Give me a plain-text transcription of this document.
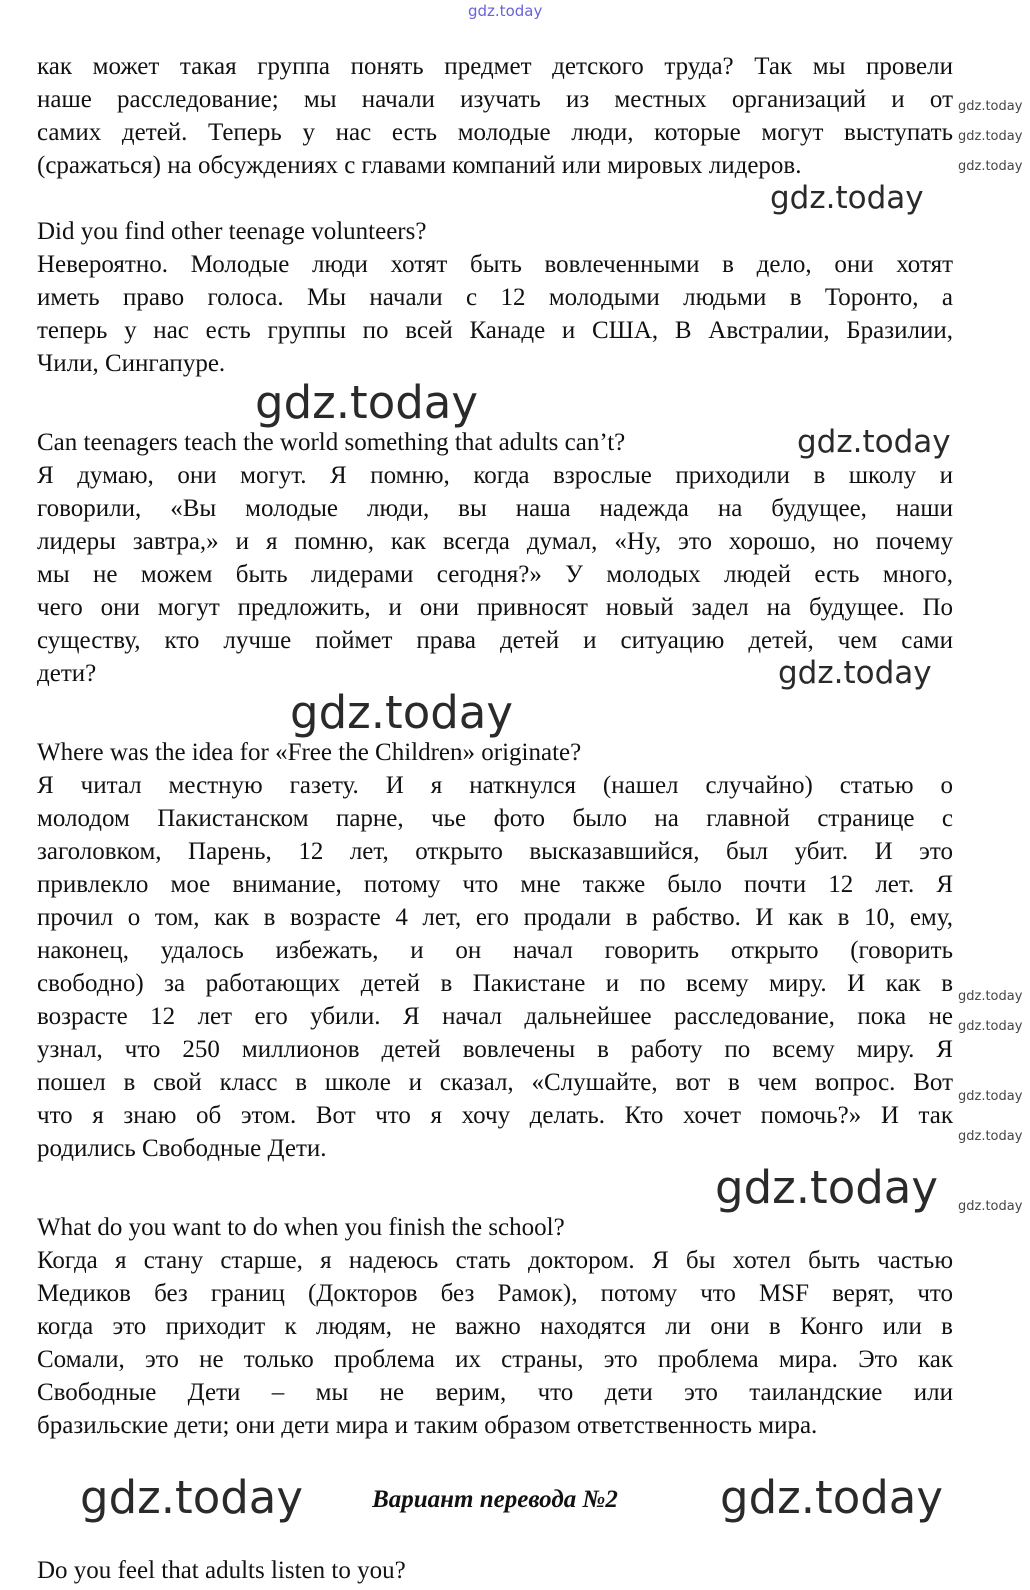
gdz.today
как может такая группа понять предмет детского труда? Так мы провели
наше расследование; мы начали изучать из местных организаций и от
самих детей. Теперь у нас есть молодые люди, которые могут выступать
(сражаться) на обсуждениях с главами компаний или мировых лидеров.
gdz.today
Did you find other teenage volunteers?
Невероятно. Молодые люди хотят быть вовлеченными в дело, они хотят
иметь право голоса. Мы начали с 12 молодыми людьми в Торонто, а
теперь у нас есть группы по всей Канаде и США, В Австралии, Бразилии,
Чили, Сингапуре.
gdz.today
Can teenagers teach the world something that adults can’t?	gdz.today
Я думаю, они могут. Я помню, когда взрослые приходили в школу и
говорили, «Вы молодые люди, вы наша надежда на будущее, наши
лидеры завтра,» и я помню, как всегда думал, «Ну, это хорошо, но почему
мы не можем быть лидерами сегодня?» У молодых людей есть много,
чего они могут предложить, и они привносят новый задел на будущее. По
существу, кто лучше поймет права детей и ситуацию детей, чем сами
дети?	gdz.today
gdz.today
Where was the idea for «Free the Children» originate?
Я читал местную газету. И я наткнулся (нашел случайно) статью о
молодом Пакистанском парне, чье фото было на главной странице с
заголовком, Парень, 12 лет, открыто высказавшийся, был убит. И это
привлекло мое внимание, потому что мне также было почти 12 лет. Я
прочил о том, как в возрасте 4 лет, его продали в рабство. И как в 10, ему,
наконец, удалось избежать, и он начал говорить открыто (говорить
свободно) за работающих детей в Пакистане и по всему миру. И как в
возрасте 12 лет его убили. Я начал дальнейшее расследование, пока не
узнал, что 250 миллионов детей вовлечены в работу по всему миру. Я
пошел в свой класс в школе и сказал, «Слушайте, вот в чем вопрос. Вот
что я знаю об этом. Вот что я хочу делать. Кто хочет помочь?» И так
родились Свободные Дети.
gdz.today
What do you want to do when you finish the school?
Когда я стану старше, я надеюсь стать доктором. Я бы хотел быть частью
Медиков без границ (Докторов без Рамок), потому что MSF верят, что
когда это приходит к людям, не важно находятся ли они в Конго или в
Сомали, это не только проблема их страны, это проблема мира. Это как
Свободные Дети – мы не верим, что дети это таиландские или
бразильские дети; они дети мира и таким образом ответственность мира.
gdz.today	Вариант перевода №2 gdz.today
Do you feel that adults listen to you?
gdz.today
gdz.today
gdz.today
gdz.today
gdz.today
gdz.today
gdz.today
gdz.today
